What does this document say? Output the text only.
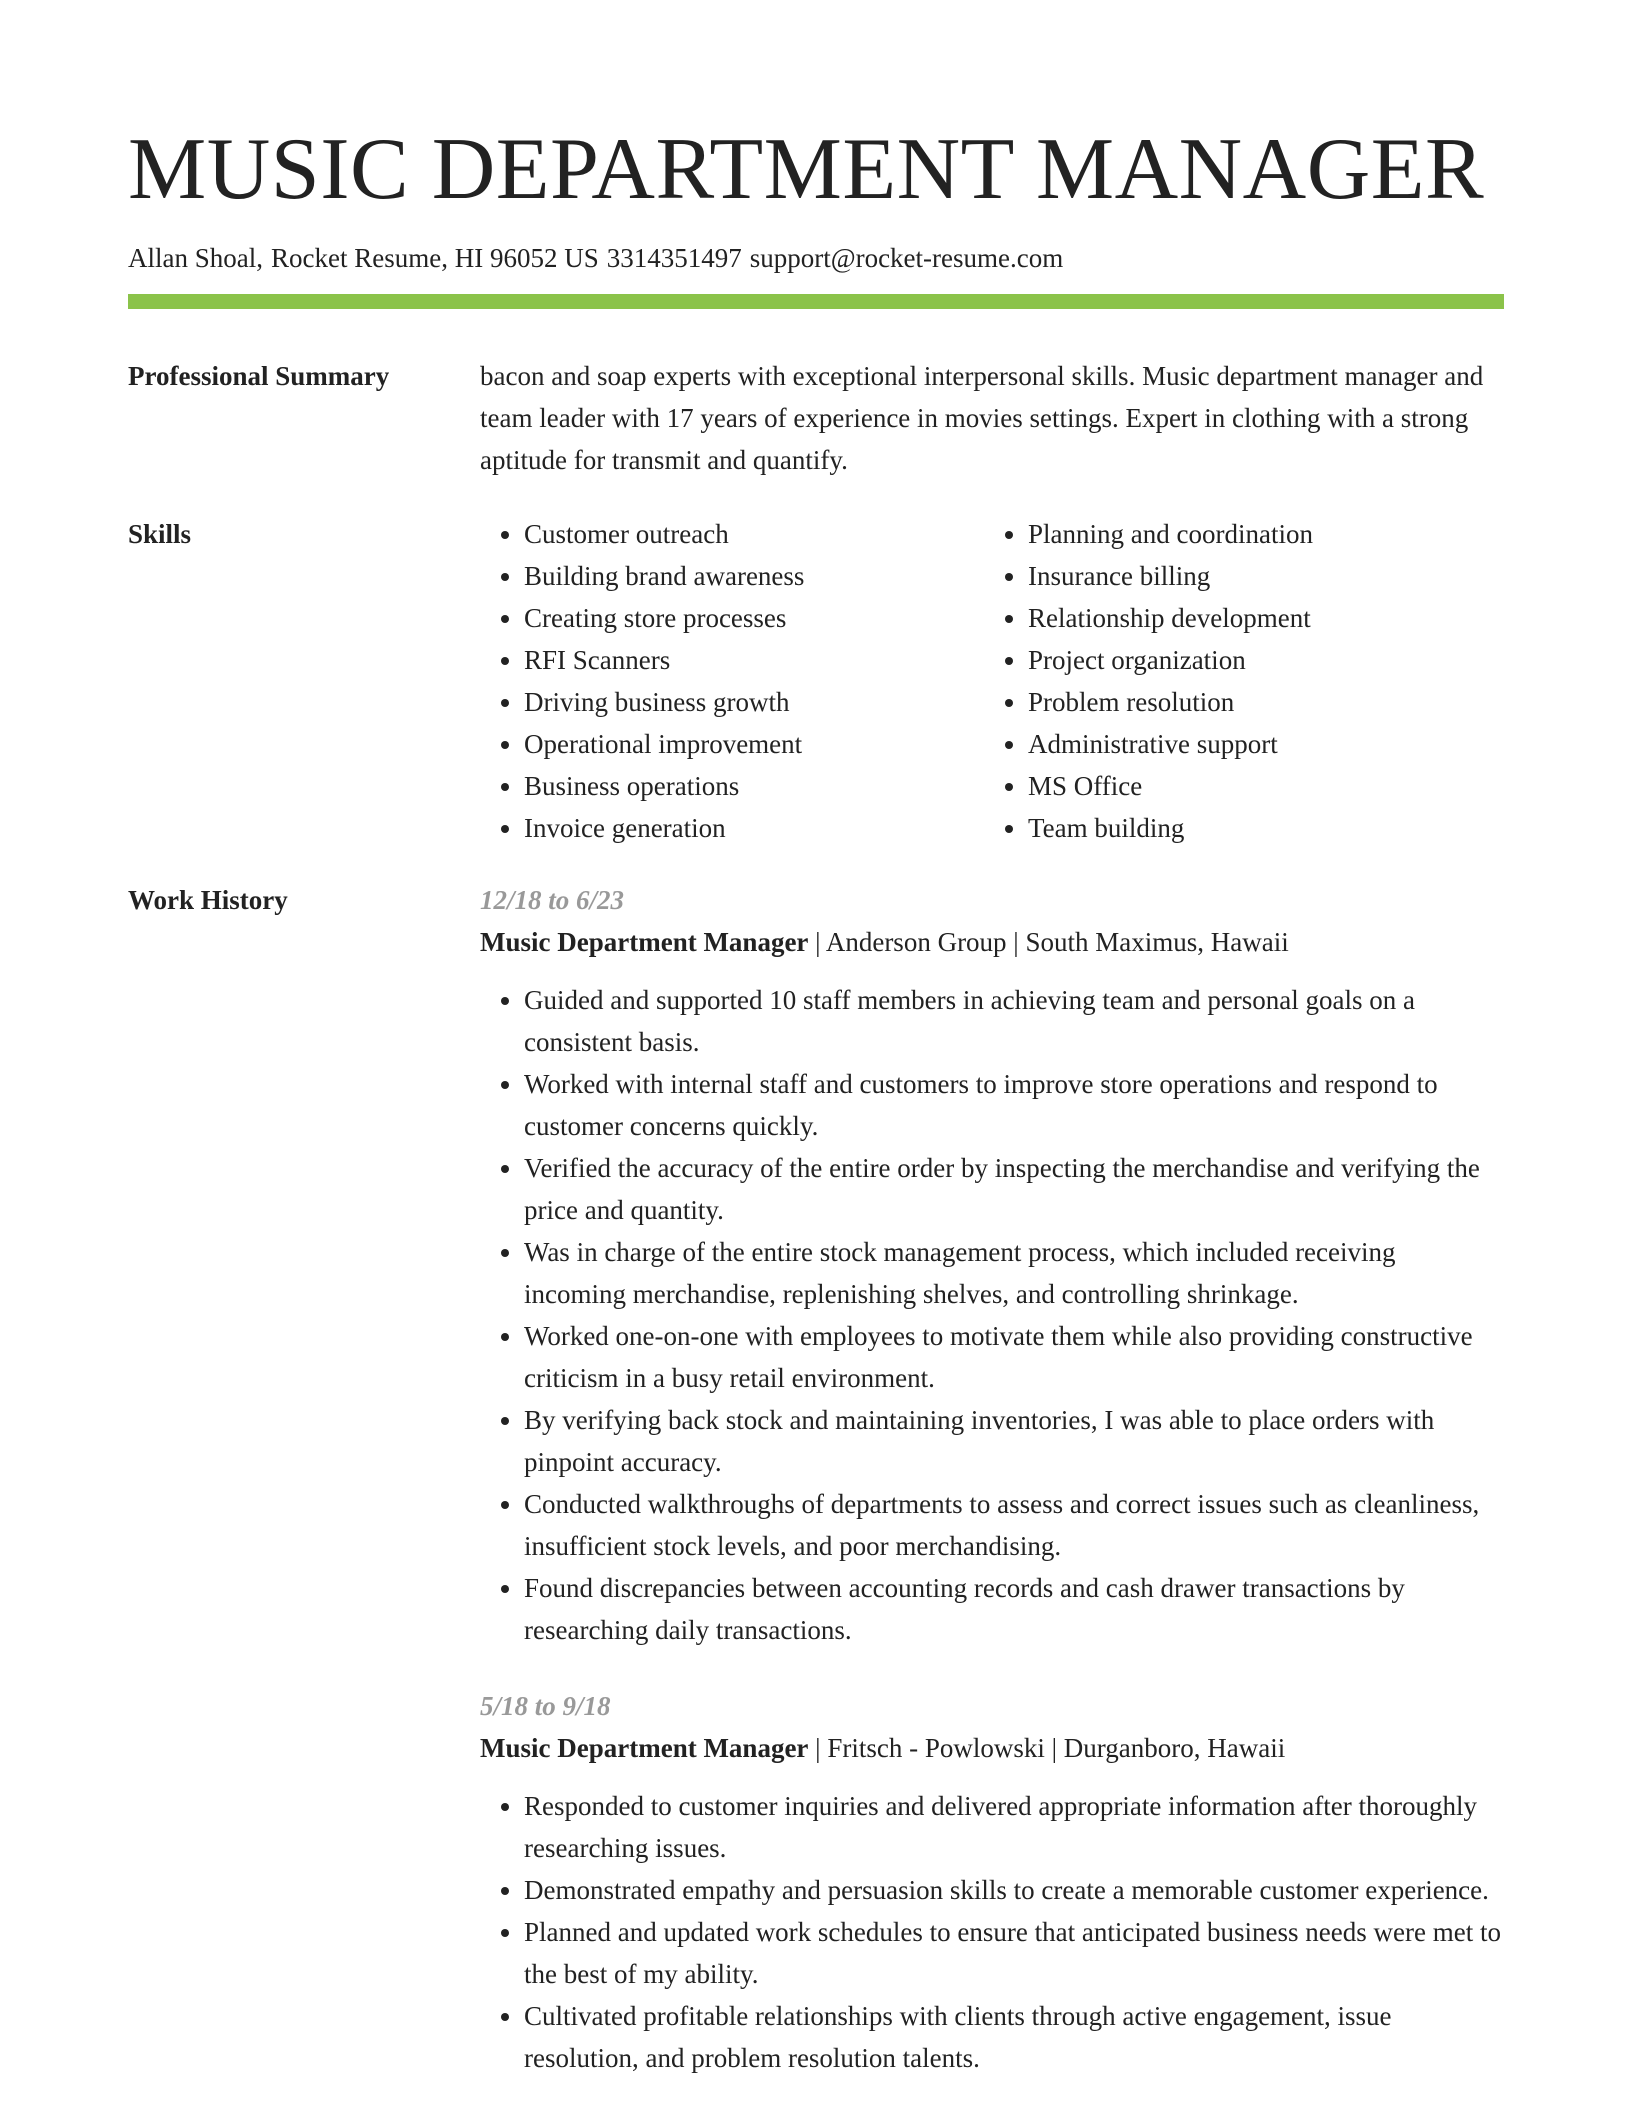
MUSIC DEPARTMENT MANAGER
Allan Shoal, Rocket Resume, HI 96052 US 3314351497 support@rocket-resume.com
Professional Summary	bacon and soap experts with exceptional interpersonal skills. Music department manager and team leader with 17 years of experience in movies settings. Expert in clothing with a strong aptitude for transmit and quantify.

Skills
•	Customer outreach
• Building brand awareness
• Creating store processes
• RFI Scanners
• Driving business growth
• Operational improvement
• Business operations
• Invoice generation
• Planning and coordination
• Insurance billing
• Relationship development
• Project organization
• Problem resolution
• Administrative support
• MS Office
• Team building
Work History	12/18 to 6/23
Music Department Manager | Anderson Group | South Maximus, Hawaii
• Guided and supported 10 staff members in achieving team and personal goals on a consistent basis.
• Worked with internal staff and customers to improve store operations and respond to customer concerns quickly.
• Verified the accuracy of the entire order by inspecting the merchandise and verifying the price and quantity.
• Was in charge of the entire stock management process, which included receiving incoming merchandise, replenishing shelves, and controlling shrinkage.
• Worked one-on-one with employees to motivate them while also providing constructive criticism in a busy retail environment.
• By verifying back stock and maintaining inventories, I was able to place orders with pinpoint accuracy.
• Conducted walkthroughs of departments to assess and correct issues such as cleanliness, insufficient stock levels, and poor merchandising.
• Found discrepancies between accounting records and cash drawer transactions by researching daily transactions.
5/18 to 9/18
Music Department Manager | Fritsch - Powlowski | Durganboro, Hawaii
• Responded to customer inquiries and delivered appropriate information after thoroughly researching issues.
• Demonstrated empathy and persuasion skills to create a memorable customer experience.
• Planned and updated work schedules to ensure that anticipated business needs were met to the best of my ability.
• Cultivated profitable relationships with clients through active engagement, issue resolution, and problem resolution talents.
